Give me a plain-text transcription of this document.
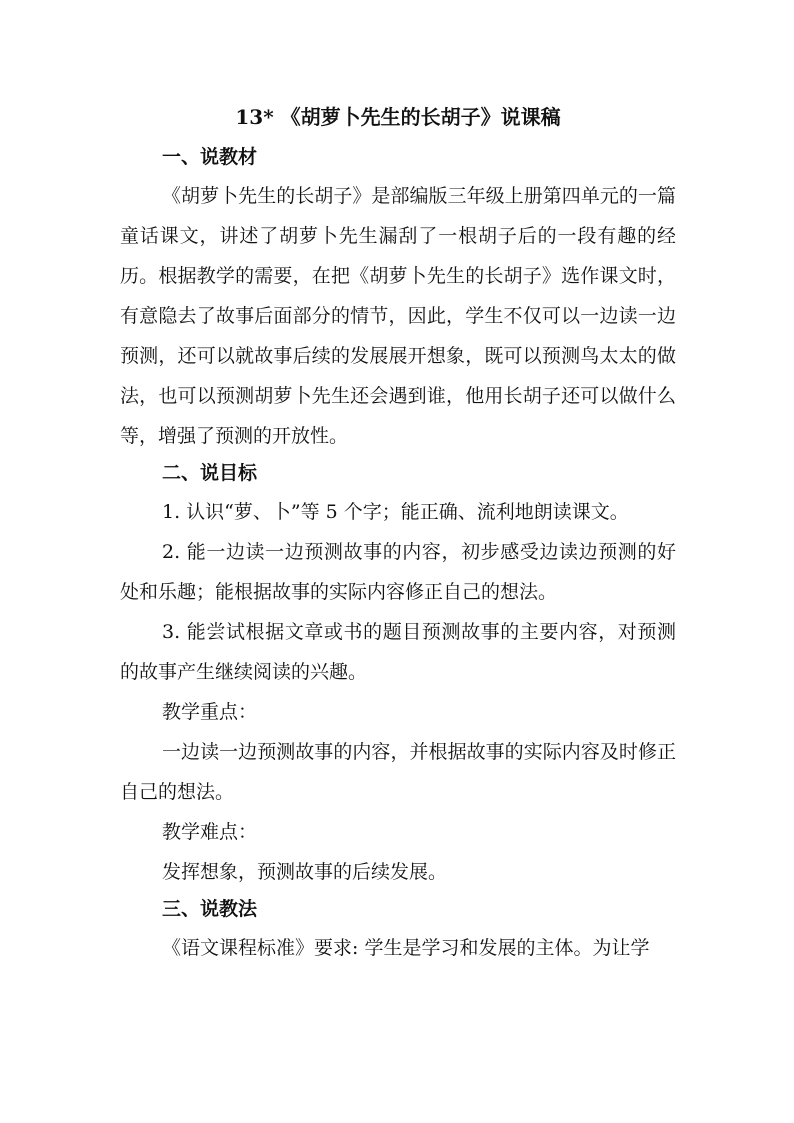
13* 《胡萝卜先生的长胡子》说课稿
一、说教材

《胡萝卜先生的长胡子》是部编版三年级上册第四单元的一篇童话课文，讲述了胡萝卜先生漏刮了一根胡子后的一段有趣的经历。根据教学的需要，在把《胡萝卜先生的长胡子》选作课文时，有意隐去了故事后面部分的情节，因此，学生不仅可以一边读一边预测，还可以就故事后续的发展展开想象，既可以预测鸟太太的做法，也可以预测胡萝卜先生还会遇到谁，他用长胡子还可以做什么等，增强了预测的开放性。

二、说目标

1. 认识“萝、卜”等 5 个字；能正确、流利地朗读课文。

2. 能一边读一边预测故事的内容，初步感受边读边预测的好处和乐趣；能根据故事的实际内容修正自己的想法。

3. 能尝试根据文章或书的题目预测故事的主要内容，对预测的故事产生继续阅读的兴趣。

教学重点：

一边读一边预测故事的内容，并根据故事的实际内容及时修正自己的想法。

教学难点：

发挥想象，预测故事的后续发展。

三、说教法

《语文课程标准》要求: 学生是学习和发展的主体。为让学
